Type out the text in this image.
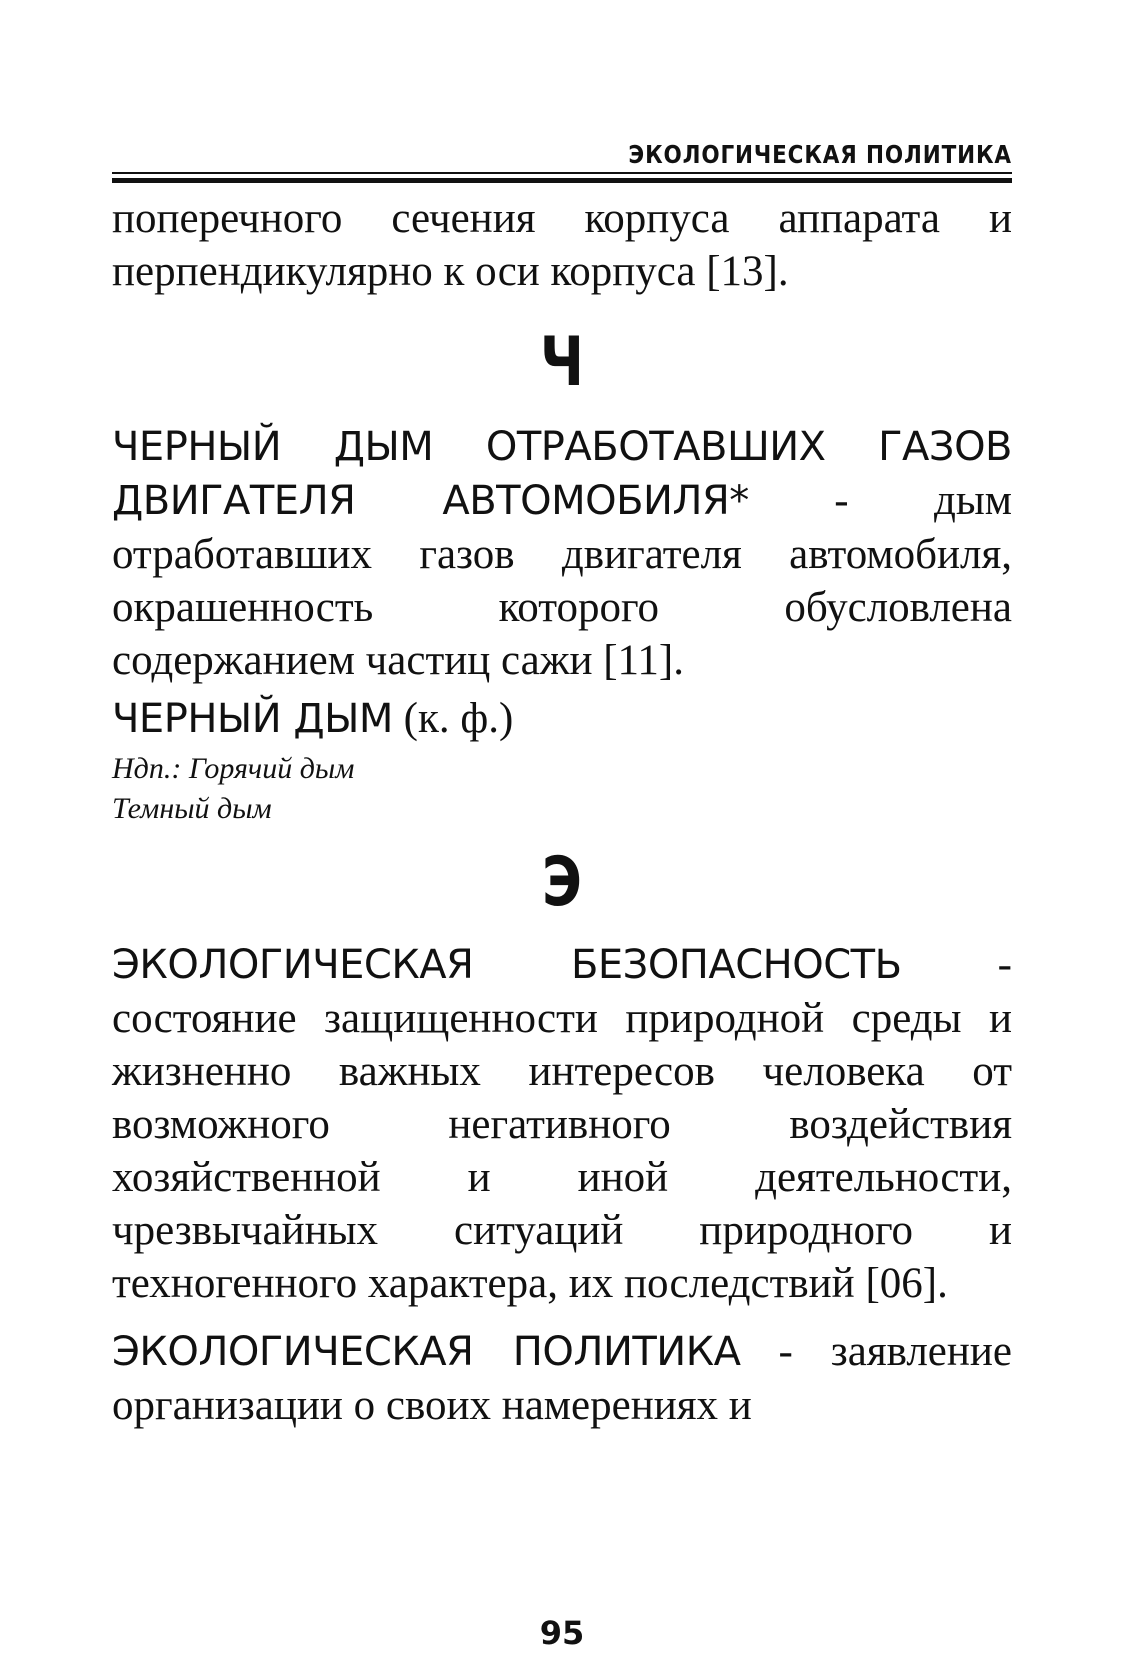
ЭКОЛОГИЧЕСКАЯ ПОЛИТИКА
поперечного сечения корпуса аппарата и
перпендикулярно к оси корпуса [13].
Ч
ЧЕРНЫЙ ДЫМ ОТРАБОТАВШИХ ГАЗОВ ДВИГАТЕЛЯ АВТОМОБИЛЯ* - дым отработавших газов двигателя автомобиля, окрашенность которого обусловлена содержанием частиц сажи [11].
ЧЕРНЫЙ ДЫМ (к. ф.)
Ндп.: Горячий дым
Темный дым
Э
ЭКОЛОГИЧЕСКАЯ БЕЗОПАСНОСТЬ - состояние защищенности природной среды и жизненно важных интересов человека от возможного негативного воздействия хозяйственной и иной деятельности, чрезвычайных ситуаций природного и техногенного характера, их последствий [06].
ЭКОЛОГИЧЕСКАЯ ПОЛИТИКА - заявление организации о своих намерениях и
95
